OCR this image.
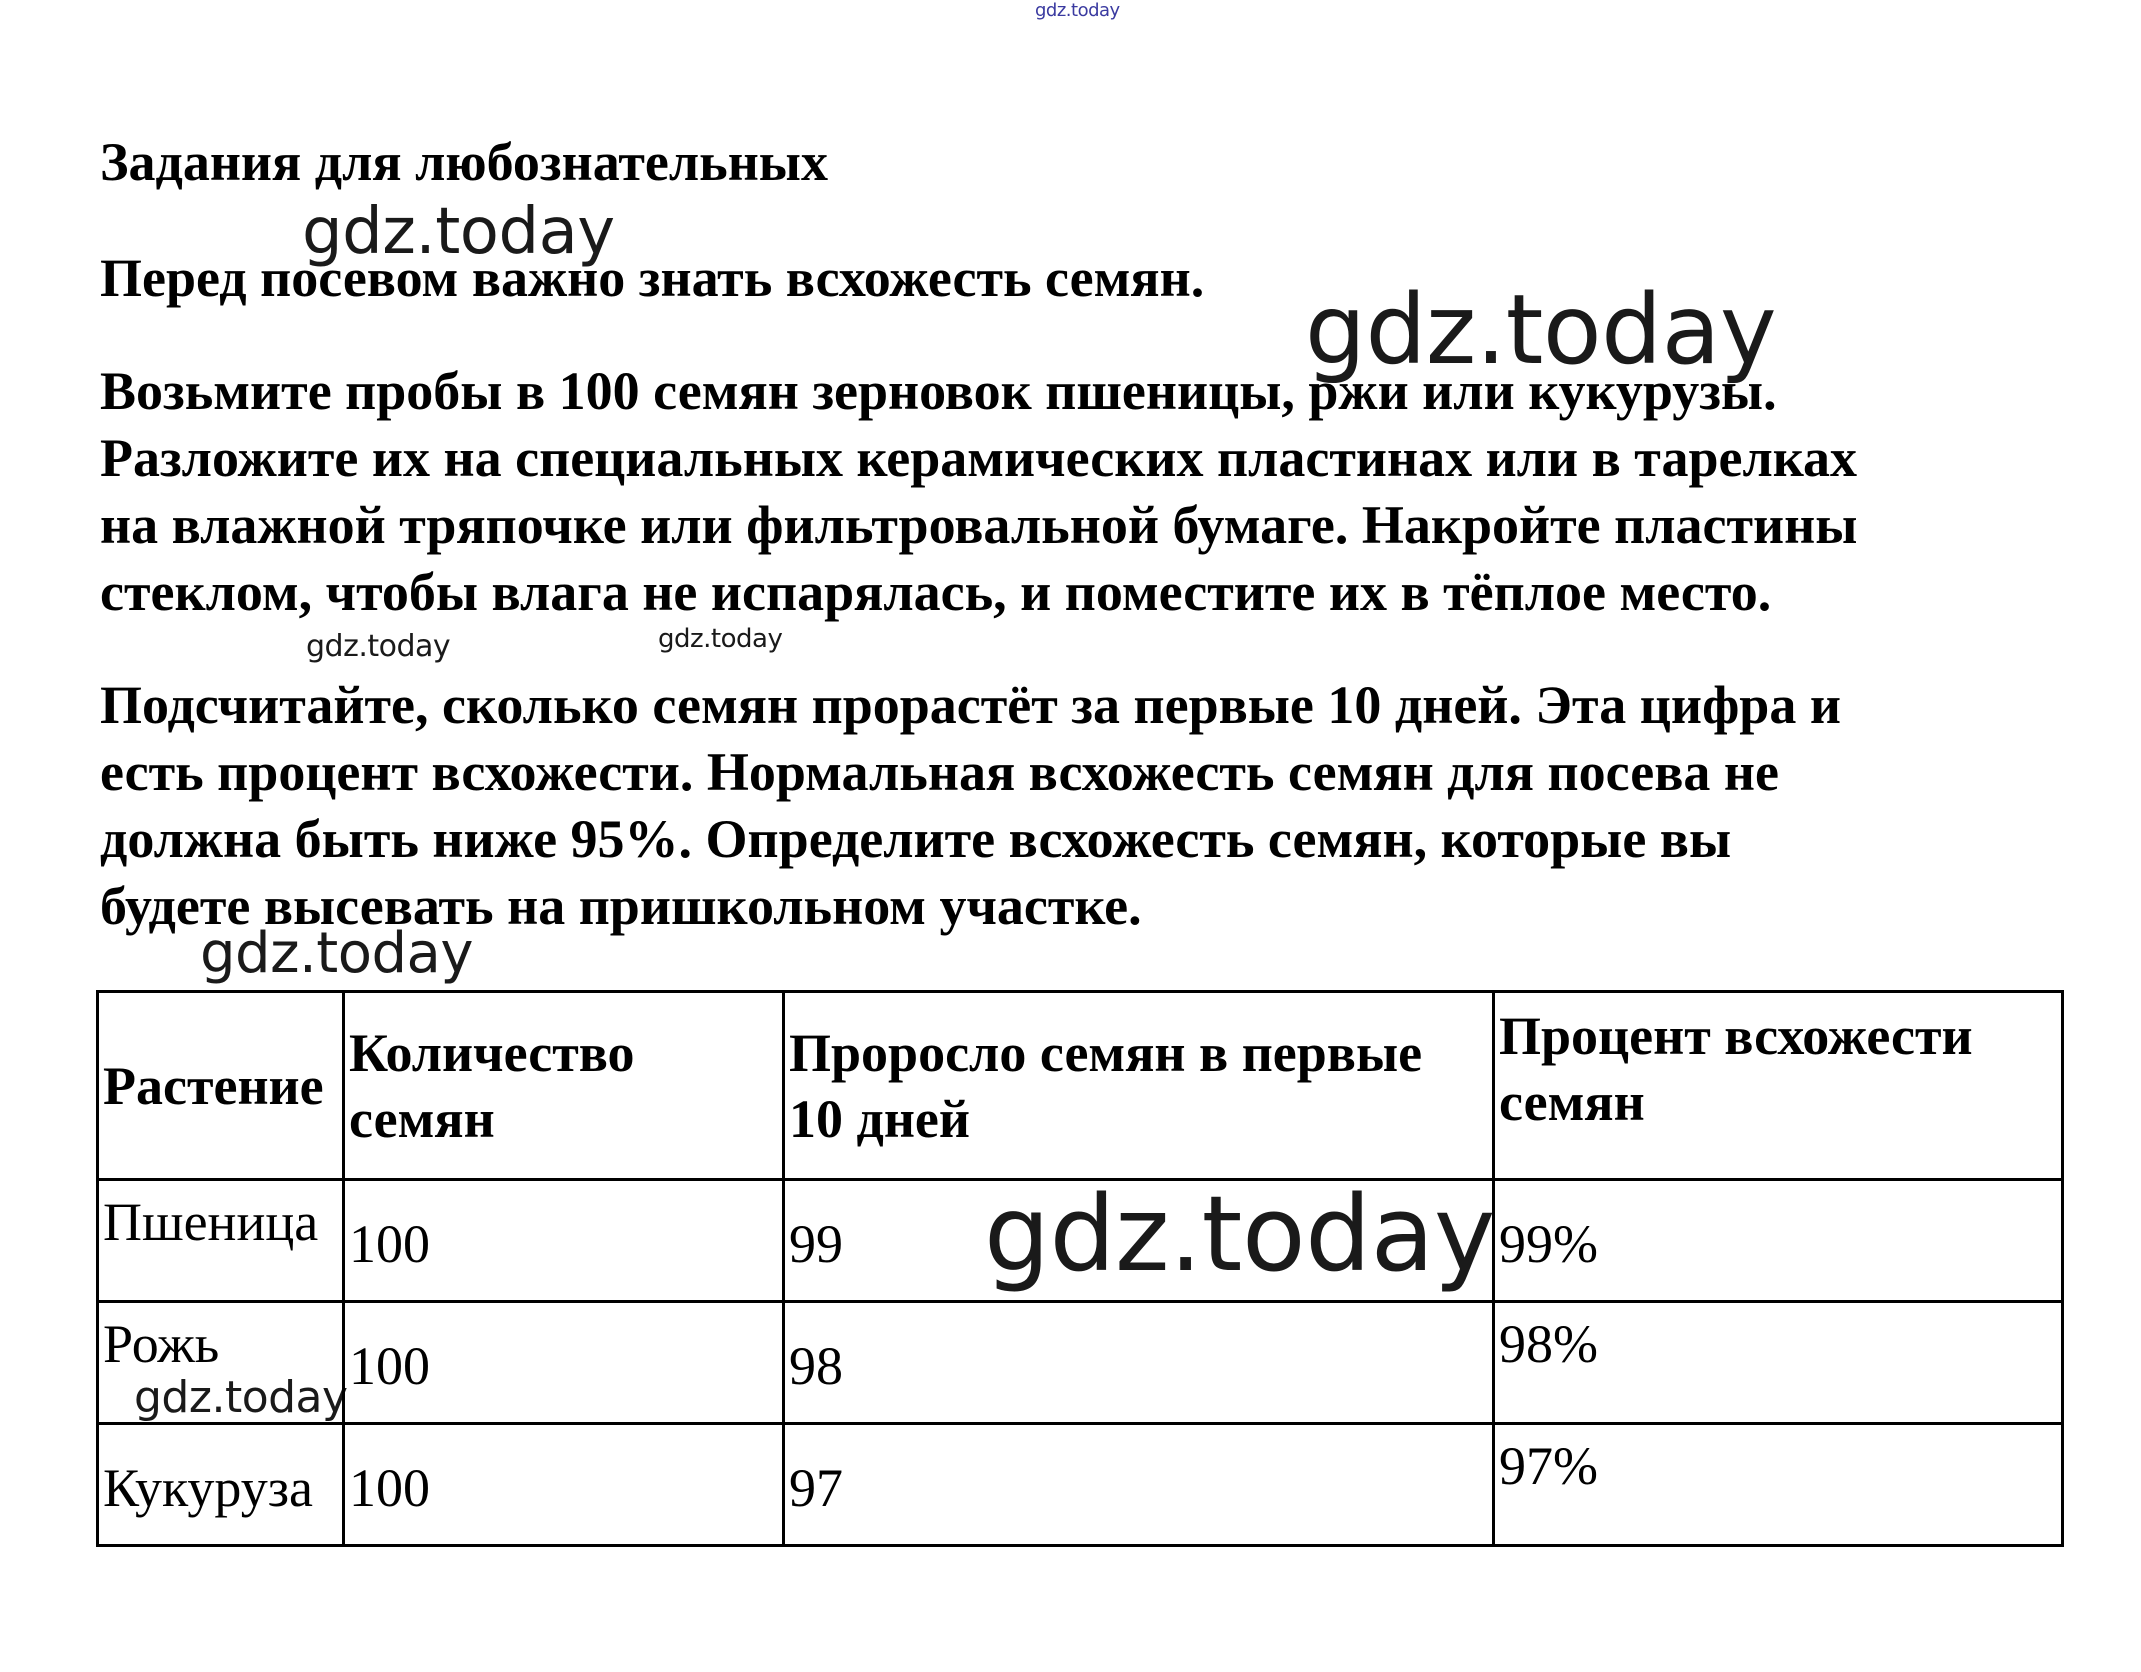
gdz.today
gdz.today
gdz.today
gdz.today	gdz.today
gdz.today
gdz.today
gdz.today
Задания для любознательных

Перед посевом важно знать всхожесть семян.

Возьмите пробы в 100 семян зерновок пшеницы, ржи или кукурузы.
Разложите их на специальных керамических пластинах или в тарелках
на влажной тряпочке или фильтровальной бумаге. Накройте пластины
стеклом, чтобы влага не испарялась, и поместите их в тёплое место.

Подсчитайте, сколько семян прорастёт за первые 10 дней. Эта цифра и
есть процент всхожести. Нормальная всхожесть семян для посева не
должна быть ниже 95%. Определите всхожесть семян, которые вы
будете высевать на пришкольном участке.

Растение	Количество семян	Проросло семян в первые 10 дней	Процент всхожести семян
Пшеница	100	99	99%
Рожь	100	98	98%
Кукуруза	100	97	97%
